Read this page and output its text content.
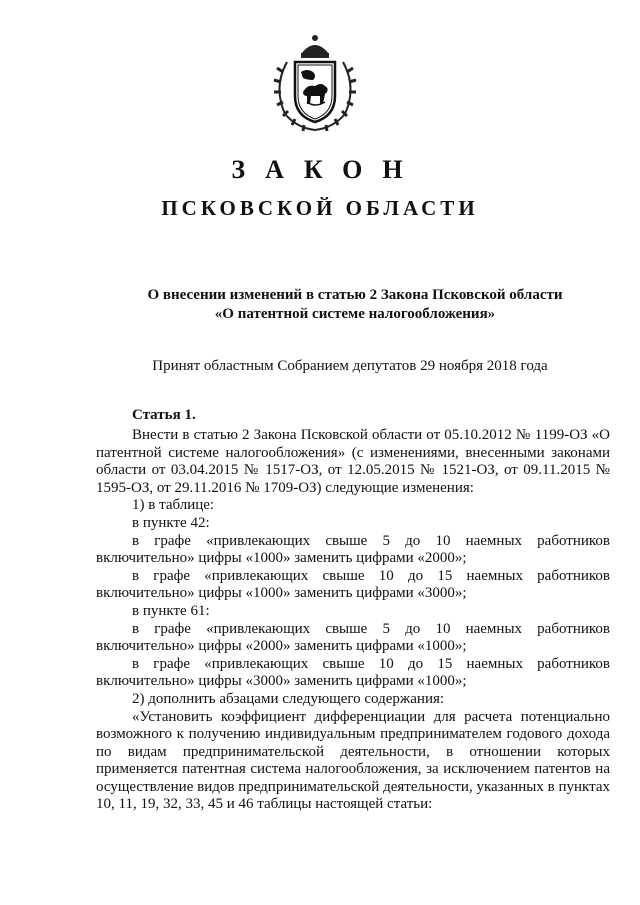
ЗАКОН
ПСКОВСКОЙ ОБЛАСТИ
О внесении изменений в статью 2 Закона Псковской области
«О патентной системе налогообложения»
Принят областным Собранием депутатов 29 ноября 2018 года
Статья 1.

Внести в статью 2 Закона Псковской области от 05.10.2012 № 1199-ОЗ «О патентной системе налогообложения» (с изменениями, внесенными законами области от 03.04.2015 № 1517-ОЗ, от 12.05.2015 № 1521-ОЗ, от 09.11.2015 № 1595-ОЗ, от 29.11.2016 № 1709-ОЗ) следующие изменения:

1) в таблице:

в пункте 42:

в графе «привлекающих свыше 5 до 10 наемных работников включительно» цифры «1000» заменить цифрами «2000»;

в графе «привлекающих свыше 10 до 15 наемных работников включительно» цифры «1000» заменить цифрами «3000»;

в пункте 61:

в графе «привлекающих свыше 5 до 10 наемных работников включительно» цифры «2000» заменить цифрами «1000»;

в графе «привлекающих свыше 10 до 15 наемных работников включительно» цифры «3000» заменить цифрами «1000»;

2) дополнить абзацами следующего содержания:

«Установить коэффициент дифференциации для расчета потенциально возможного к получению индивидуальным предпринимателем годового дохода по видам предпринимательской деятельности, в отношении которых применяется патентная система налогообложения, за исключением патентов на осуществление видов предпринимательской деятельности, указанных в пунктах 10, 11, 19, 32, 33, 45 и 46 таблицы настоящей статьи:
